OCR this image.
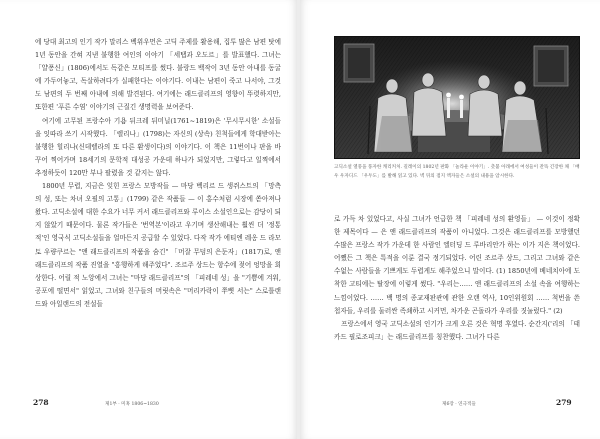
에 당대 최고의 인기 작가 말리스 벡위우먼은 고딕 주제를 활용해, 집투 많은 남편 탓에 1년 동안을 간혀 지낸 불행한 여인의 이야기 「세탭과 오도르」를 발표했다. 그녀는 「얄퐁신」(1806)에서도 독같은 모티프를 썼다. 불랑드 백작이 3년 동안 아내를 동굴에 가두어놓고, 독살하려다가 실패한다는 이야기다. 이내는 남편이 죽고 나서야, 그것도 남편의 두 번째 아내에 의해 발견된다. 여기에는 래드클리프의 영향이 뚜렷하지만, 또한편 '푸른 수염' 이야기의 근질긴 생명력을 보여준다.

여기에 고무된 프랑수아 기욤 뒤크레 뒤미닐(1761~1819)은 '무시무시한' 소설들을 잇따라 쓰기 시작했다. 「렐리나」(1798)는 자신의 (상속) 친척들에게 학대받아는 불행한 힐리나(신데렐라의 또 다른 환생이다)의 이야기다. 이 책은 11번이나 판을 바꾸어 찍어가며 18세기의 문학적 대성공 가운데 하나가 되었지만, 그렇다고 일찍에서 추정하듯이 120만 부나 팔렸을 것 같지는 않다.

1800년 무렵, 지금은 잊힌 프랑스 모방작들 — 마당 벡리르 드 생쥐스트의 「망측의 성, 또는 차녀 오필의 고통」(1799) 같은 작품들 — 이 홍수처럼 시장에 쏟아져나왔다. 고딕소설에 대한 수요가 너무 커서 래드클리프와 루이스 소설인으로는 감당이 되지 않았기 때문이다. 물론 작가들은 '번역본'이라고 우기며 생산해내는 훨씬 더 '정통적'인 영국식 고딕소설들을 얼마든지 공급할 수 있었다. 다작 작가 에티엔 레옹 드 라모토 우량쿠르는 "앤 래드클리프의 작품을 숨긴" 「머잘 무덤의 은둔자」(1817)로, 앤 래드클리프의 작품 진열을 "흥행하게 해주었다". 조르주 상드는 항수에 젖어 엉망을 회상한다. 어릴 적 노앙에서 그녀는 "마당 래드클리프"의 「피레네 성」을 "기쁨에 겨워, 공포에 떨면서" 읽었고, 그녀와 친구들의 머릿속은 "머리카락이 쭈뼛 서는" 스로틀랜드와 아일랜드의 전설들

278	제1부 · 미혹 1806~1830
고딕소설 열풍을 풍자한 캐리커처. 길레이의 1802년 판화 「놀라운 이야기」. 촛불 아래에서 여성들이 잔뜩 긴장한 채 「배우 우자디드 「우두도」를 발해 읽고 있다. 벽 뒤의 점지 액자들은 소설의 내용을 암시한다.

로 가득 차 있었다고, 사실 그녀가 언급한 책 「피레네 성의 환영들」 — 이것이 정확한 제목이다 — 은 앤 래드클리프의 작품이 아니었다. 그것은 래드클리프를 모방했던 수많은 프랑스 작가 가운데 한 사람인 엘터딩 드 루바리안가 하는 이가 지은 책이었다. 어쨌든 그 책은 특적을 이룬 결국 정기되었다. 어린 조르주 상드, 그리고 그녀와 같은 수없는 사람들을 기쁘게도 두렵게도 해주었으니 말이다. (1) 1850년에 베네치아에 도착한 고티에는 탈장에 이렇게 썼다. "우리는…… 앤 래드클리프의 소설 속을 여행하는 느낌이었다. …… 백 명의 종교재판관에 관한 오랜 역사, 10인위원회 …… 척번을 쓴 첩자들, 우리를 둘러싼 족쇄하고 시커먼, 차가운 곤돌라가 우리를 짓눌렀다." (2)

프랑스에서 영국 고딕소설의 인기가 크게 오른 것은 혁명 후였다. 순간지('리의 「태카드 필로조피크」는 래드클리프를 칭찬했다. 그녀가 다른

제6장 · 연극적들	279
